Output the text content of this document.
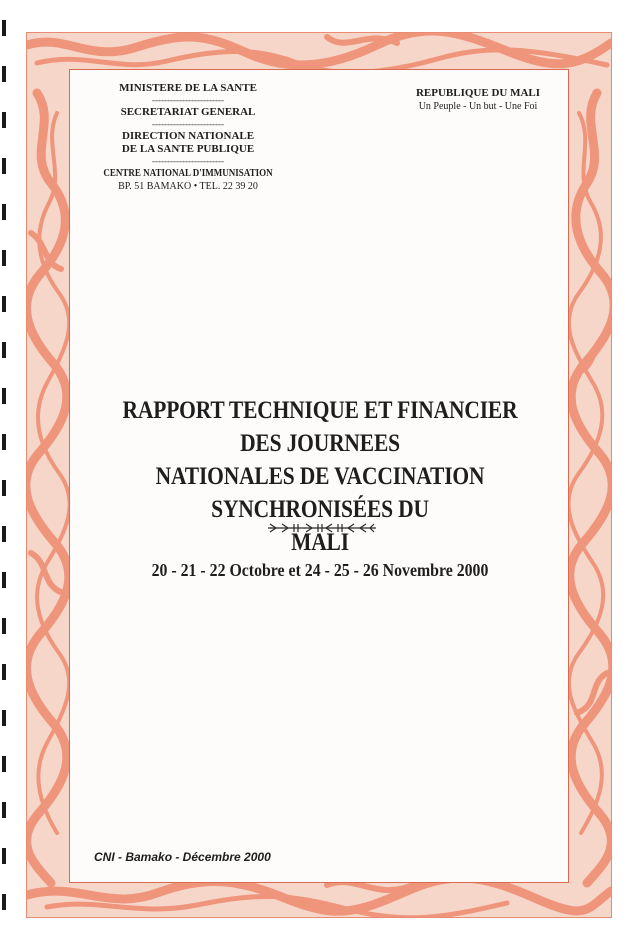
MINISTERE DE LA SANTE
------------------------
SECRETARIAT GENERAL
------------------------
DIRECTION NATIONALE
DE LA SANTE PUBLIQUE
------------------------
CENTRE NATIONAL D'IMMUNISATION
BP. 51 BAMAKO • TEL. 22 39 20
REPUBLIQUE DU MALI
Un Peuple - Un but - Une Foi
RAPPORT TECHNIQUE ET FINANCIER DES JOURNEES
NATIONALES DE VACCINATION SYNCHRONISÉES DU
MALI
20 - 21 - 22 Octobre et 24 - 25 - 26 Novembre 2000
CNI - Bamako - Décembre 2000
